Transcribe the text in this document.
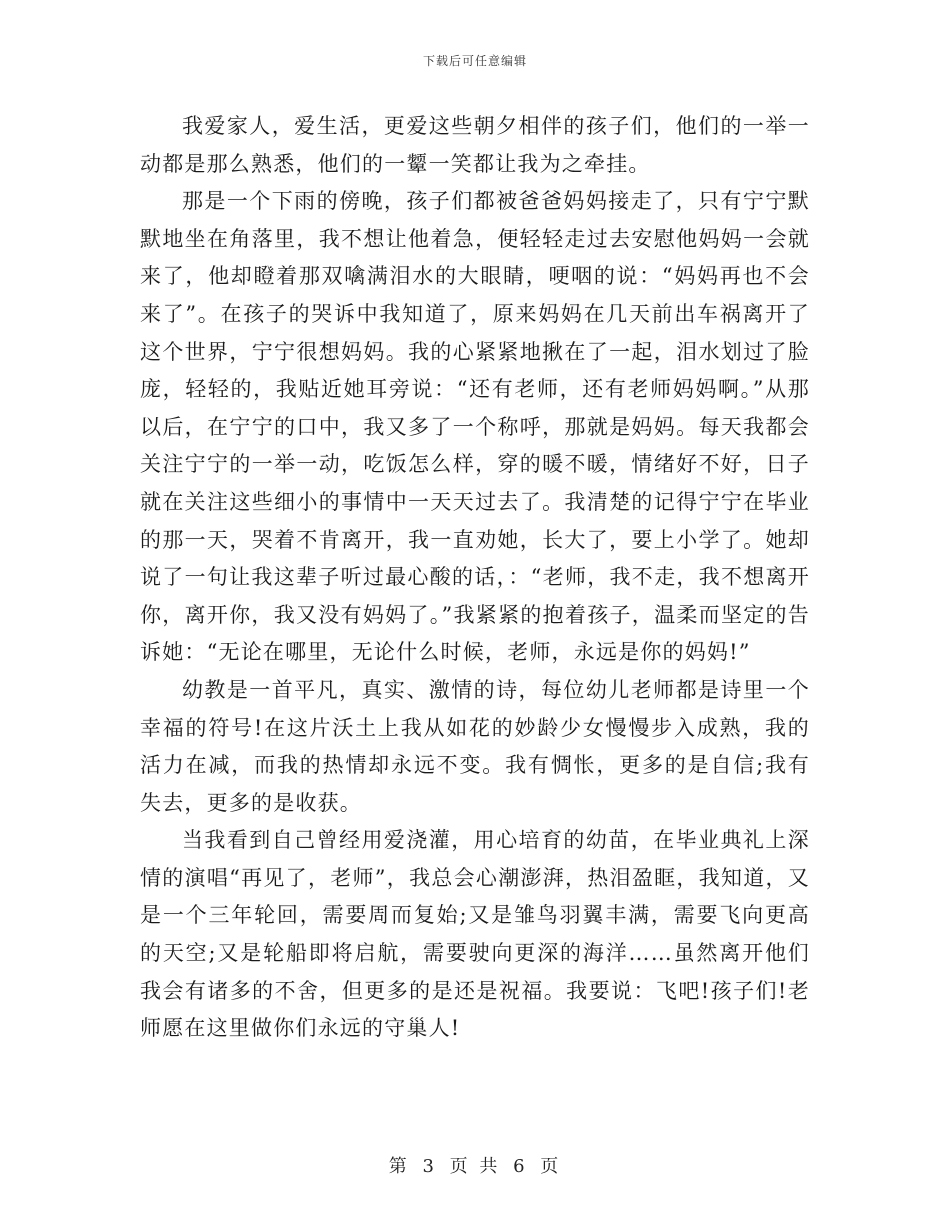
下载后可任意编辑

我爱家人，爱生活，更爱这些朝夕相伴的孩子们，他们的一举一动都是那么熟悉，他们的一颦一笑都让我为之牵挂。

那是一个下雨的傍晚，孩子们都被爸爸妈妈接走了，只有宁宁默默地坐在角落里，我不想让他着急，便轻轻走过去安慰他妈妈一会就来了，他却瞪着那双噙满泪水的大眼睛，哽咽的说：“妈妈再也不会来了”。在孩子的哭诉中我知道了，原来妈妈在几天前出车祸离开了这个世界，宁宁很想妈妈。我的心紧紧地揪在了一起，泪水划过了脸庞，轻轻的，我贴近她耳旁说：“还有老师，还有老师妈妈啊。”从那以后，在宁宁的口中，我又多了一个称呼，那就是妈妈。每天我都会关注宁宁的一举一动，吃饭怎么样，穿的暖不暖，情绪好不好，日子就在关注这些细小的事情中一天天过去了。我清楚的记得宁宁在毕业的那一天，哭着不肯离开，我一直劝她，长大了，要上小学了。她却说了一句让我这辈子听过最心酸的话，：“老师，我不走，我不想离开你，离开你，我又没有妈妈了。”我紧紧的抱着孩子，温柔而坚定的告诉她：“无论在哪里，无论什么时候，老师，永远是你的妈妈!”

幼教是一首平凡，真实、激情的诗，每位幼儿老师都是诗里一个幸福的符号!在这片沃土上我从如花的妙龄少女慢慢步入成熟，我的活力在减，而我的热情却永远不变。我有惆怅，更多的是自信;我有失去，更多的是收获。

当我看到自己曾经用爱浇灌，用心培育的幼苗，在毕业典礼上深情的演唱“再见了，老师”，我总会心潮澎湃，热泪盈眶，我知道，又是一个三年轮回，需要周而复始;又是雏鸟羽翼丰满，需要飞向更高的天空;又是轮船即将启航，需要驶向更深的海洋……虽然离开他们我会有诸多的不舍，但更多的是还是祝福。我要说：飞吧!孩子们!老师愿在这里做你们永远的守巢人!

第 3 页 共 6 页
